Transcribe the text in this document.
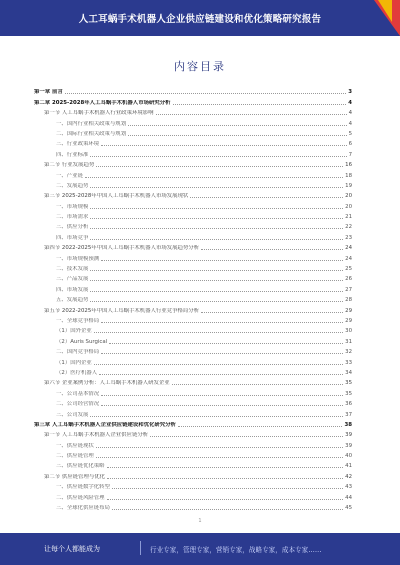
人工耳蜗手术机器人企业供应链建设和优化策略研究报告
内容目录
第一章 前言	3
第二章 2025-2028年人工耳蜗手术机器人市场研究分析	4
第一节 人工耳蜗手术机器人行业政策环境影响	4
一、国内行业相关政策与规划	4
二、国际行业相关政策与规划	5
三、行业政策环境	6
四、行业标准	7
第二节 行业发展趋势	16
一、产业链	18
二、发展趋势	19
第三节 2025-2028年中国人工耳蜗手术机器人市场发展现状	20
一、市场规模	20
二、市场需求	21
三、供应分析	22
四、市场竞争	23
第四节 2022-2025年中国人工耳蜗手术机器人市场发展趋势分析	24
一、市场规模预测	24
二、技术发展	25
三、产品发展	26
四、市场发展	27
五、发展趋势	28
第五节 2022-2025年中国人工耳蜗手术机器人行业竞争格局分析	29
一、全球竞争格局	29
（1）国外企业	30
（2）Auris Surgical	31
二、国内竞争格局	32
（1）国内企业	33
（2）医疗机器人	34
第六节 企业案例分析：人工耳蜗手术机器人研发企业	35
一、公司基本情况	35
二、公司经营情况	36
三、公司发展	37
第三章 人工耳蜗手术机器人企业供应链建设和优化研究分析	38
第一节 人工耳蜗手术机器人企业供应链分析	39
一、供应链现状	39
二、供应链管理	40
三、供应链优化策略	41
第二节 供应链管理与优化	42
一、供应链数字化转型	43
二、供应链风险管理	44
三、全球化供应链布局	45
1
让每个人都能成为	行业专家，管理专家，营销专家，战略专家，成本专家……
